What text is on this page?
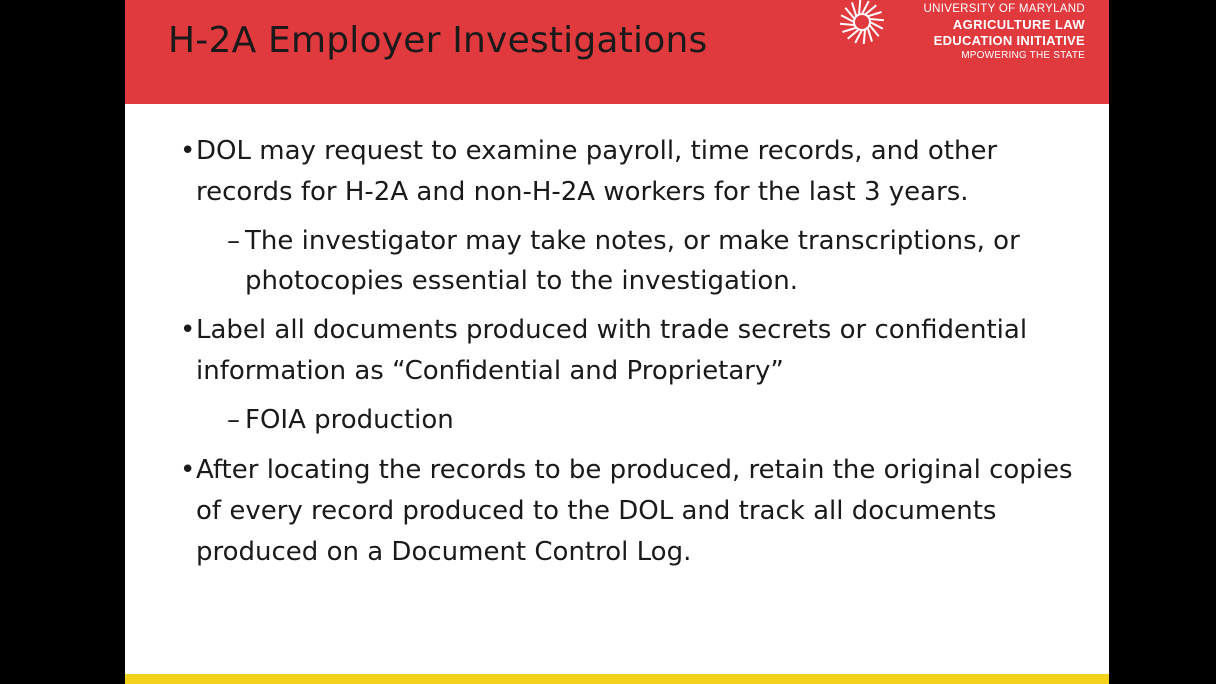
H-2A Employer Investigations
UNIVERSITY OF MARYLAND
AGRICULTURE LAW
EDUCATION INITIATIVE
MPOWERING THE STATE
• DOL may request to examine payroll, time records, and other records for H-2A and non-H-2A workers for the last 3 years.
– The investigator may take notes, or make transcriptions, or photocopies essential to the investigation.
• Label all documents produced with trade secrets or confidential information as “Confidential and Proprietary”
– FOIA production
• After locating the records to be produced, retain the original copies of every record produced to the DOL and track all documents produced on a Document Control Log.
